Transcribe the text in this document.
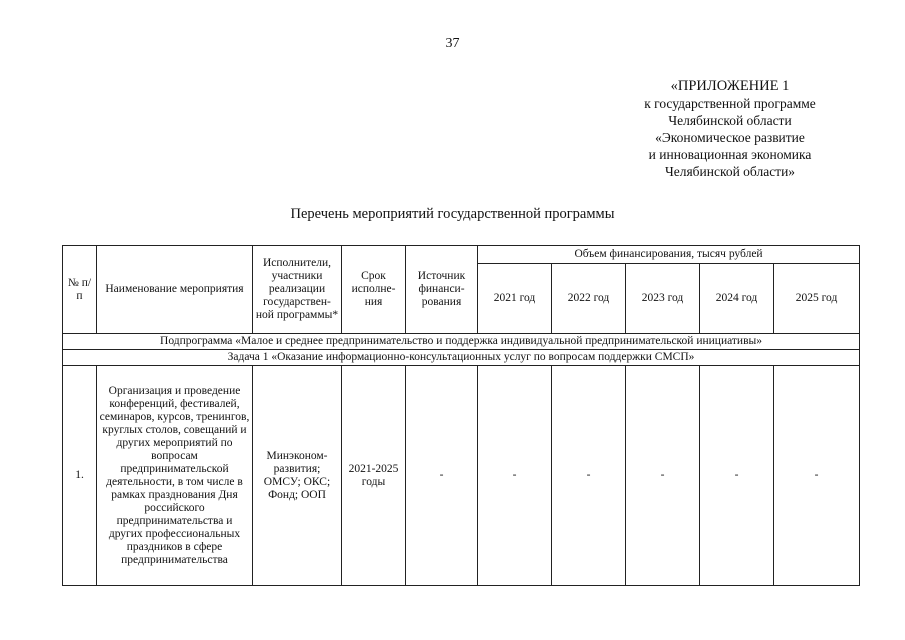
37
«ПРИЛОЖЕНИЕ 1
к государственной программе
Челябинской области
«Экономическое развитие
и инновационная экономика
Челябинской области»
Перечень мероприятий государственной программы
№ п/п	Наименование мероприятия	Исполнители, участники реализации государствен-ной программы*	Срок исполне-ния	Источник финанси-рования	Объем финансирования, тысяч рублей				
					2021 год	2022 год	2023 год	2024 год	2025 год
Подпрограмма «Малое и среднее предпринимательство и поддержка индивидуальной предпринимательской инициативы»									
Задача 1 «Оказание информационно-консультационных услуг по вопросам поддержки СМСП»									
1.	Организация и проведение конференций, фестивалей, семинаров, курсов, тренингов, круглых столов, совещаний и других мероприятий по вопросам предпринимательской деятельности, в том числе в рамках празднования Дня российского предпринимательства и других профессиональных праздников в сфере предпринимательства	Минэконом-развития; ОМСУ; ОКС; Фонд; ООП	2021-2025 годы	-	-	-	-	-	-
